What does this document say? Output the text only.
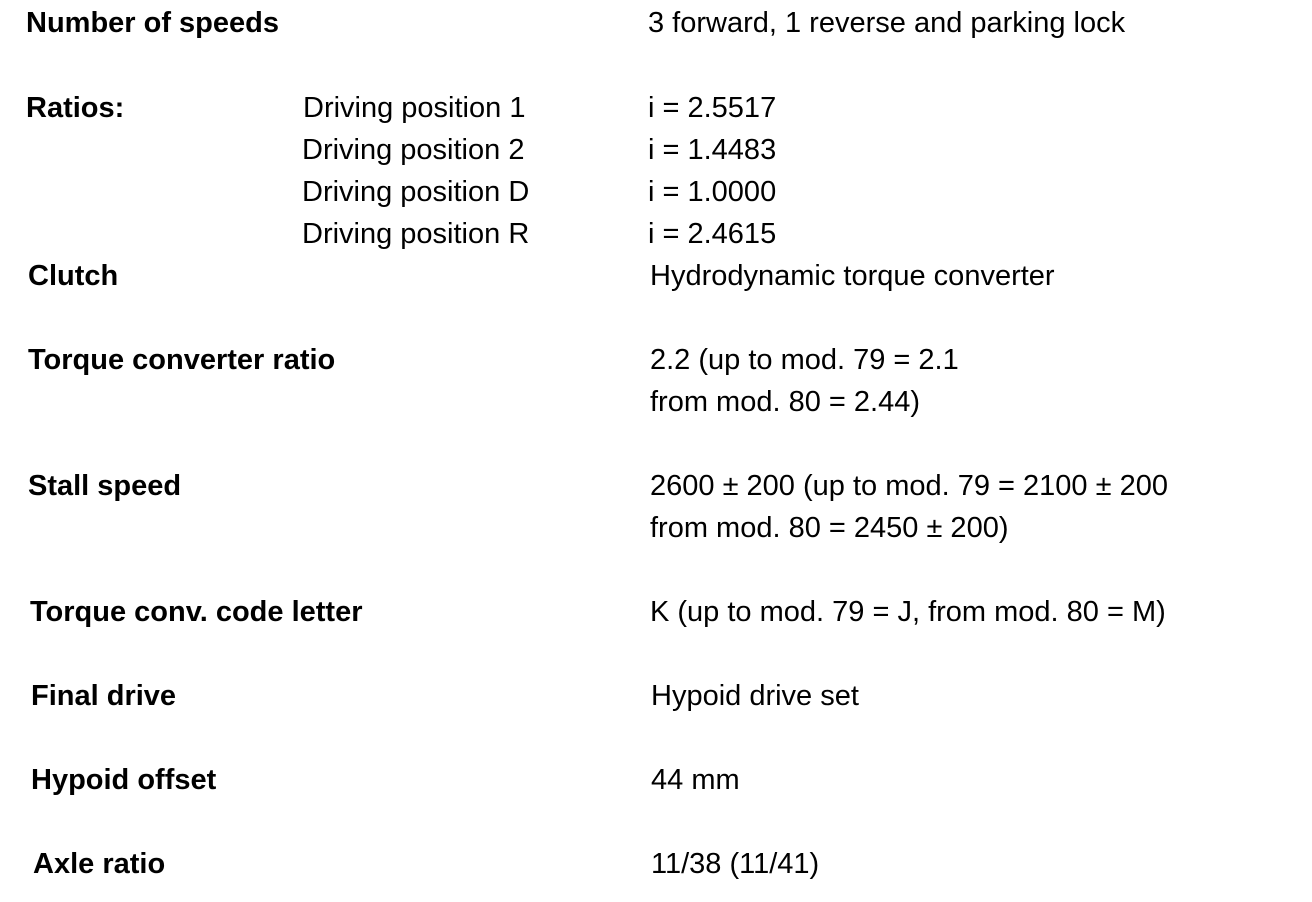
Number of speeds	3 forward, 1 reverse and parking lock
Ratios:	Driving position 1	i = 2.5517
Driving position 2	i = 1.4483
Driving position D	i = 1.0000
Driving position R	i = 2.4615
Clutch	Hydrodynamic torque converter
Torque converter ratio	2.2 (up to mod. 79 = 2.1
from mod. 80 = 2.44)
Stall speed	2600 ± 200 (up to mod. 79 = 2100 ± 200
from mod. 80 = 2450 ± 200)
Torque conv. code letter	K (up to mod. 79 = J, from mod. 80 = M)
Final drive	Hypoid drive set
Hypoid offset	44 mm
Axle ratio	11/38 (11/41)
